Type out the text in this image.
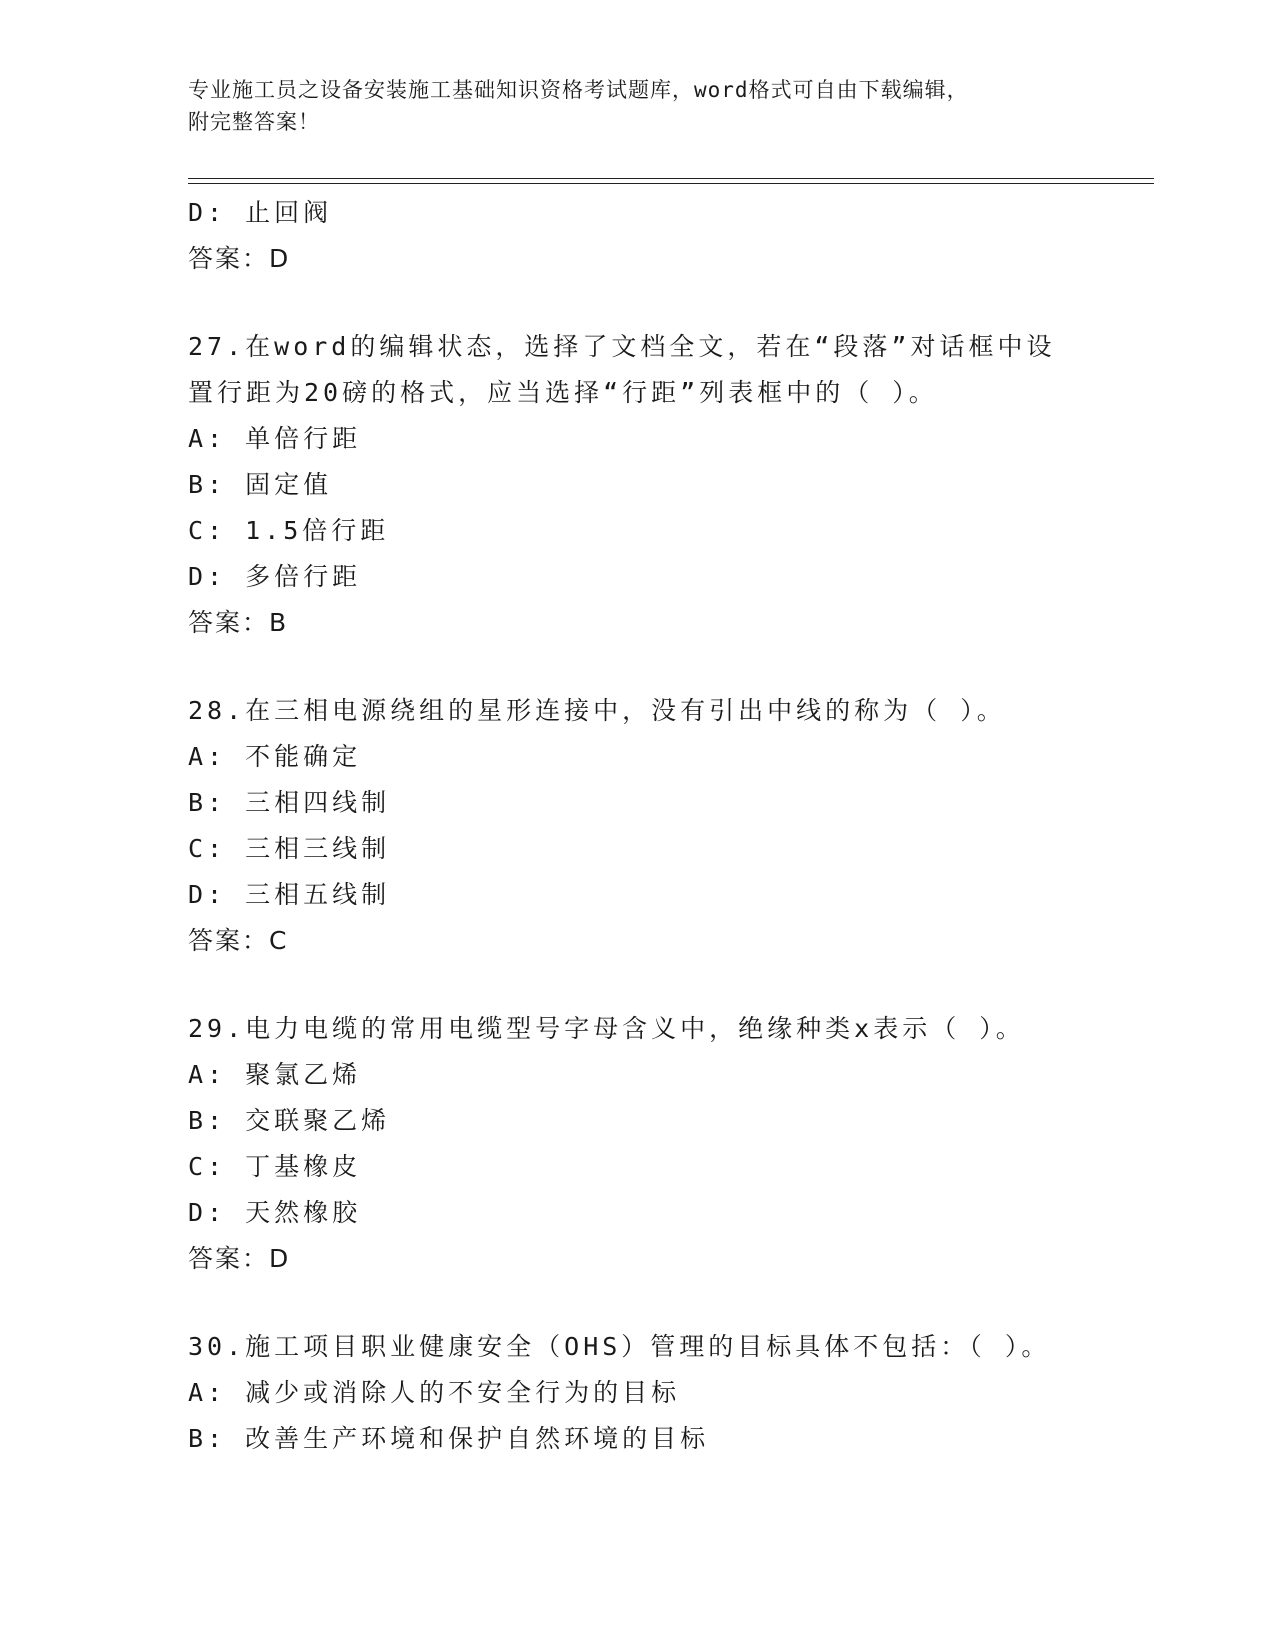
专业施工员之设备安装施工基础知识资格考试题库，word格式可自由下载编辑，
附完整答案！
D: 止回阀
答案：D
27.在word的编辑状态，选择了文档全文，若在“段落”对话框中设
置行距为20磅的格式，应当选择“行距”列表框中的（ ）。
A: 单倍行距
B: 固定值
C: 1.5倍行距
D: 多倍行距
答案：B
28.在三相电源绕组的星形连接中，没有引出中线的称为（ ）。
A: 不能确定
B: 三相四线制
C: 三相三线制
D: 三相五线制
答案：C
29.电力电缆的常用电缆型号字母含义中，绝缘种类x表示（ ）。
A: 聚氯乙烯
B: 交联聚乙烯
C: 丁基橡皮
D: 天然橡胶
答案：D
30.施工项目职业健康安全（OHS）管理的目标具体不包括：（ ）。
A: 减少或消除人的不安全行为的目标
B: 改善生产环境和保护自然环境的目标
